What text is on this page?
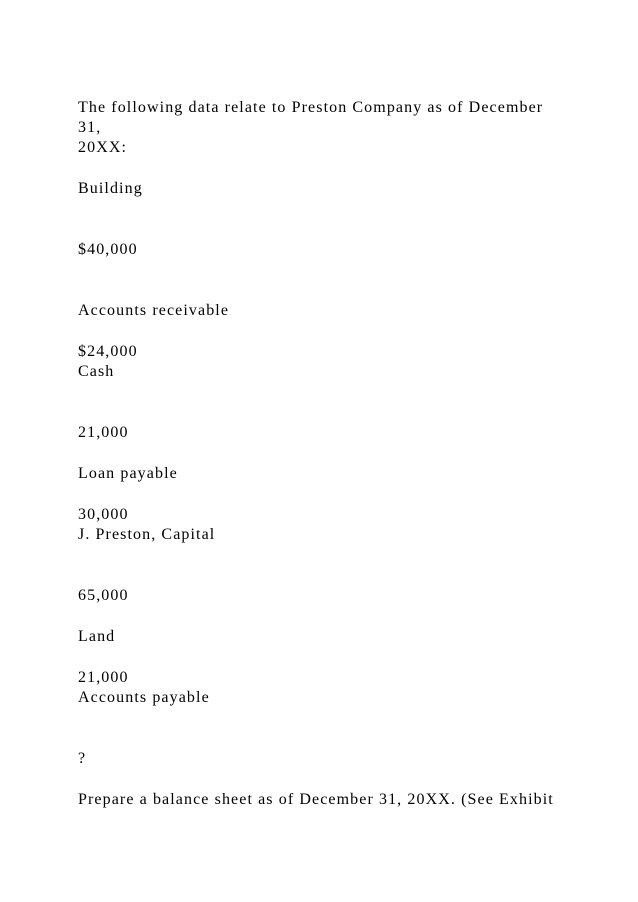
The following data relate to Preston Company as of December

31,

20XX:

Building

$40,000

Accounts receivable

$24,000

Cash

21,000

Loan payable

30,000

J. Preston, Capital

65,000

Land

21,000

Accounts payable

?

Prepare a balance sheet as of December 31, 20XX. (See Exhibit
